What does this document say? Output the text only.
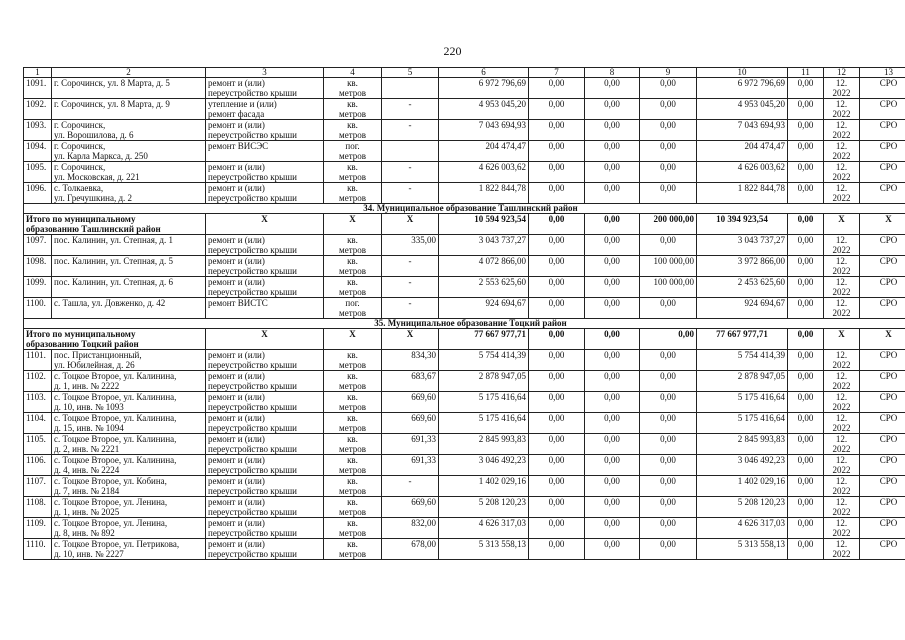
220
1	2	3	4	5	6	7	8	9	10	11	12	13
1091.	г. Сорочинск, ул. 8 Марта, д. 5	ремонт и (или)
переустройство крыши	кв.
метров		6 972 796,69	0,00	0,00	0,00	6 972 796,69	0,00	12.
2022	СРО
1092.	г. Сорочинск, ул. 8 Марта, д. 9	утепление и (или)
ремонт фасада	кв.
метров	-	4 953 045,20	0,00	0,00	0,00	4 953 045,20	0,00	12.
2022	СРО
1093.	г. Сорочинск,
ул. Ворошилова, д. 6	ремонт и (или)
переустройство крыши	кв.
метров	-	7 043 694,93	0,00	0,00	0,00	7 043 694,93	0,00	12.
2022	СРО
1094.	г. Сорочинск,
ул. Карла Маркса, д. 250	ремонт ВИСЭС	пог.
метров		204 474,47	0,00	0,00	0,00	204 474,47	0,00	12.
2022	СРО
1095.	г. Сорочинск,
ул. Московская, д. 221	ремонт и (или)
переустройство крыши	кв.
метров	-	4 626 003,62	0,00	0,00	0,00	4 626 003,62	0,00	12.
2022	СРО
1096.	с. Толкаевка,
ул. Гречушкина, д. 2	ремонт и (или)
переустройство крыши	кв.
метров	-	1 822 844,78	0,00	0,00	0,00	1 822 844,78	0,00	12.
2022	СРО
34. Муниципальное образование Ташлинский район												
Итого по муниципальному
образованию Ташлинский район		Х	Х	Х	10 594 923,54	0,00	0,00	200 000,00	10 394 923,54	0,00	Х	Х
1097.	пос. Калинин, ул. Степная, д. 1	ремонт и (или)
переустройство крыши	кв.
метров	335,00	3 043 737,27	0,00	0,00	0,00	3 043 737,27	0,00	12.
2022	СРО
1098.	пос. Калинин, ул. Степная, д. 5	ремонт и (или)
переустройство крыши	кв.
метров	-	4 072 866,00	0,00	0,00	100 000,00	3 972 866,00	0,00	12.
2022	СРО
1099.	пос. Калинин, ул. Степная, д. 6	ремонт и (или)
переустройство крыши	кв.
метров	-	2 553 625,60	0,00	0,00	100 000,00	2 453 625,60	0,00	12.
2022	СРО
1100.	с. Ташла, ул. Довженко, д. 42	ремонт ВИСТС	пог.
метров	-	924 694,67	0,00	0,00	0,00	924 694,67	0,00	12.
2022	СРО
35. Муниципальное образование Тоцкий район												
Итого по муниципальному
образованию Тоцкий район		Х	Х	Х	77 667 977,71	0,00	0,00	0,00	77 667 977,71	0,00	Х	Х
1101.	пос. Пристанционный,
ул. Юбилейная, д. 26	ремонт и (или)
переустройство крыши	кв.
метров	834,30	5 754 414,39	0,00	0,00	0,00	5 754 414,39	0,00	12.
2022	СРО
1102.	с. Тоцкое Второе, ул. Калинина,
д. 1, инв. № 2222	ремонт и (или)
переустройство крыши	кв.
метров	683,67	2 878 947,05	0,00	0,00	0,00	2 878 947,05	0,00	12.
2022	СРО
1103.	с. Тоцкое Второе, ул. Калинина,
д. 10, инв. № 1093	ремонт и (или)
переустройство крыши	кв.
метров	669,60	5 175 416,64	0,00	0,00	0,00	5 175 416,64	0,00	12.
2022	СРО
1104.	с. Тоцкое Второе, ул. Калинина,
д. 15, инв. № 1094	ремонт и (или)
переустройство крыши	кв.
метров	669,60	5 175 416,64	0,00	0,00	0,00	5 175 416,64	0,00	12.
2022	СРО
1105.	с. Тоцкое Второе, ул. Калинина,
д. 2, инв. № 2221	ремонт и (или)
переустройство крыши	кв.
метров	691,33	2 845 993,83	0,00	0,00	0,00	2 845 993,83	0,00	12.
2022	СРО
1106.	с. Тоцкое Второе, ул. Калинина,
д. 4, инв. № 2224	ремонт и (или)
переустройство крыши	кв.
метров	691,33	3 046 492,23	0,00	0,00	0,00	3 046 492,23	0,00	12.
2022	СРО
1107.	с. Тоцкое Второе, ул. Кобина,
д. 7, инв. № 2184	ремонт и (или)
переустройство крыши	кв.
метров	-	1 402 029,16	0,00	0,00	0,00	1 402 029,16	0,00	12.
2022	СРО
1108.	с. Тоцкое Второе, ул. Ленина,
д. 1, инв. № 2025	ремонт и (или)
переустройство крыши	кв.
метров	669,60	5 208 120,23	0,00	0,00	0,00	5 208 120,23	0,00	12.
2022	СРО
1109.	с. Тоцкое Второе, ул. Ленина,
д. 8, инв. № 892	ремонт и (или)
переустройство крыши	кв.
метров	832,00	4 626 317,03	0,00	0,00	0,00	4 626 317,03	0,00	12.
2022	СРО
1110.	с. Тоцкое Второе, ул. Петрикова,
д. 10, инв. № 2227	ремонт и (или)
переустройство крыши	кв.
метров	678,00	5 313 558,13	0,00	0,00	0,00	5 313 558,13	0,00	12.
2022	СРО
